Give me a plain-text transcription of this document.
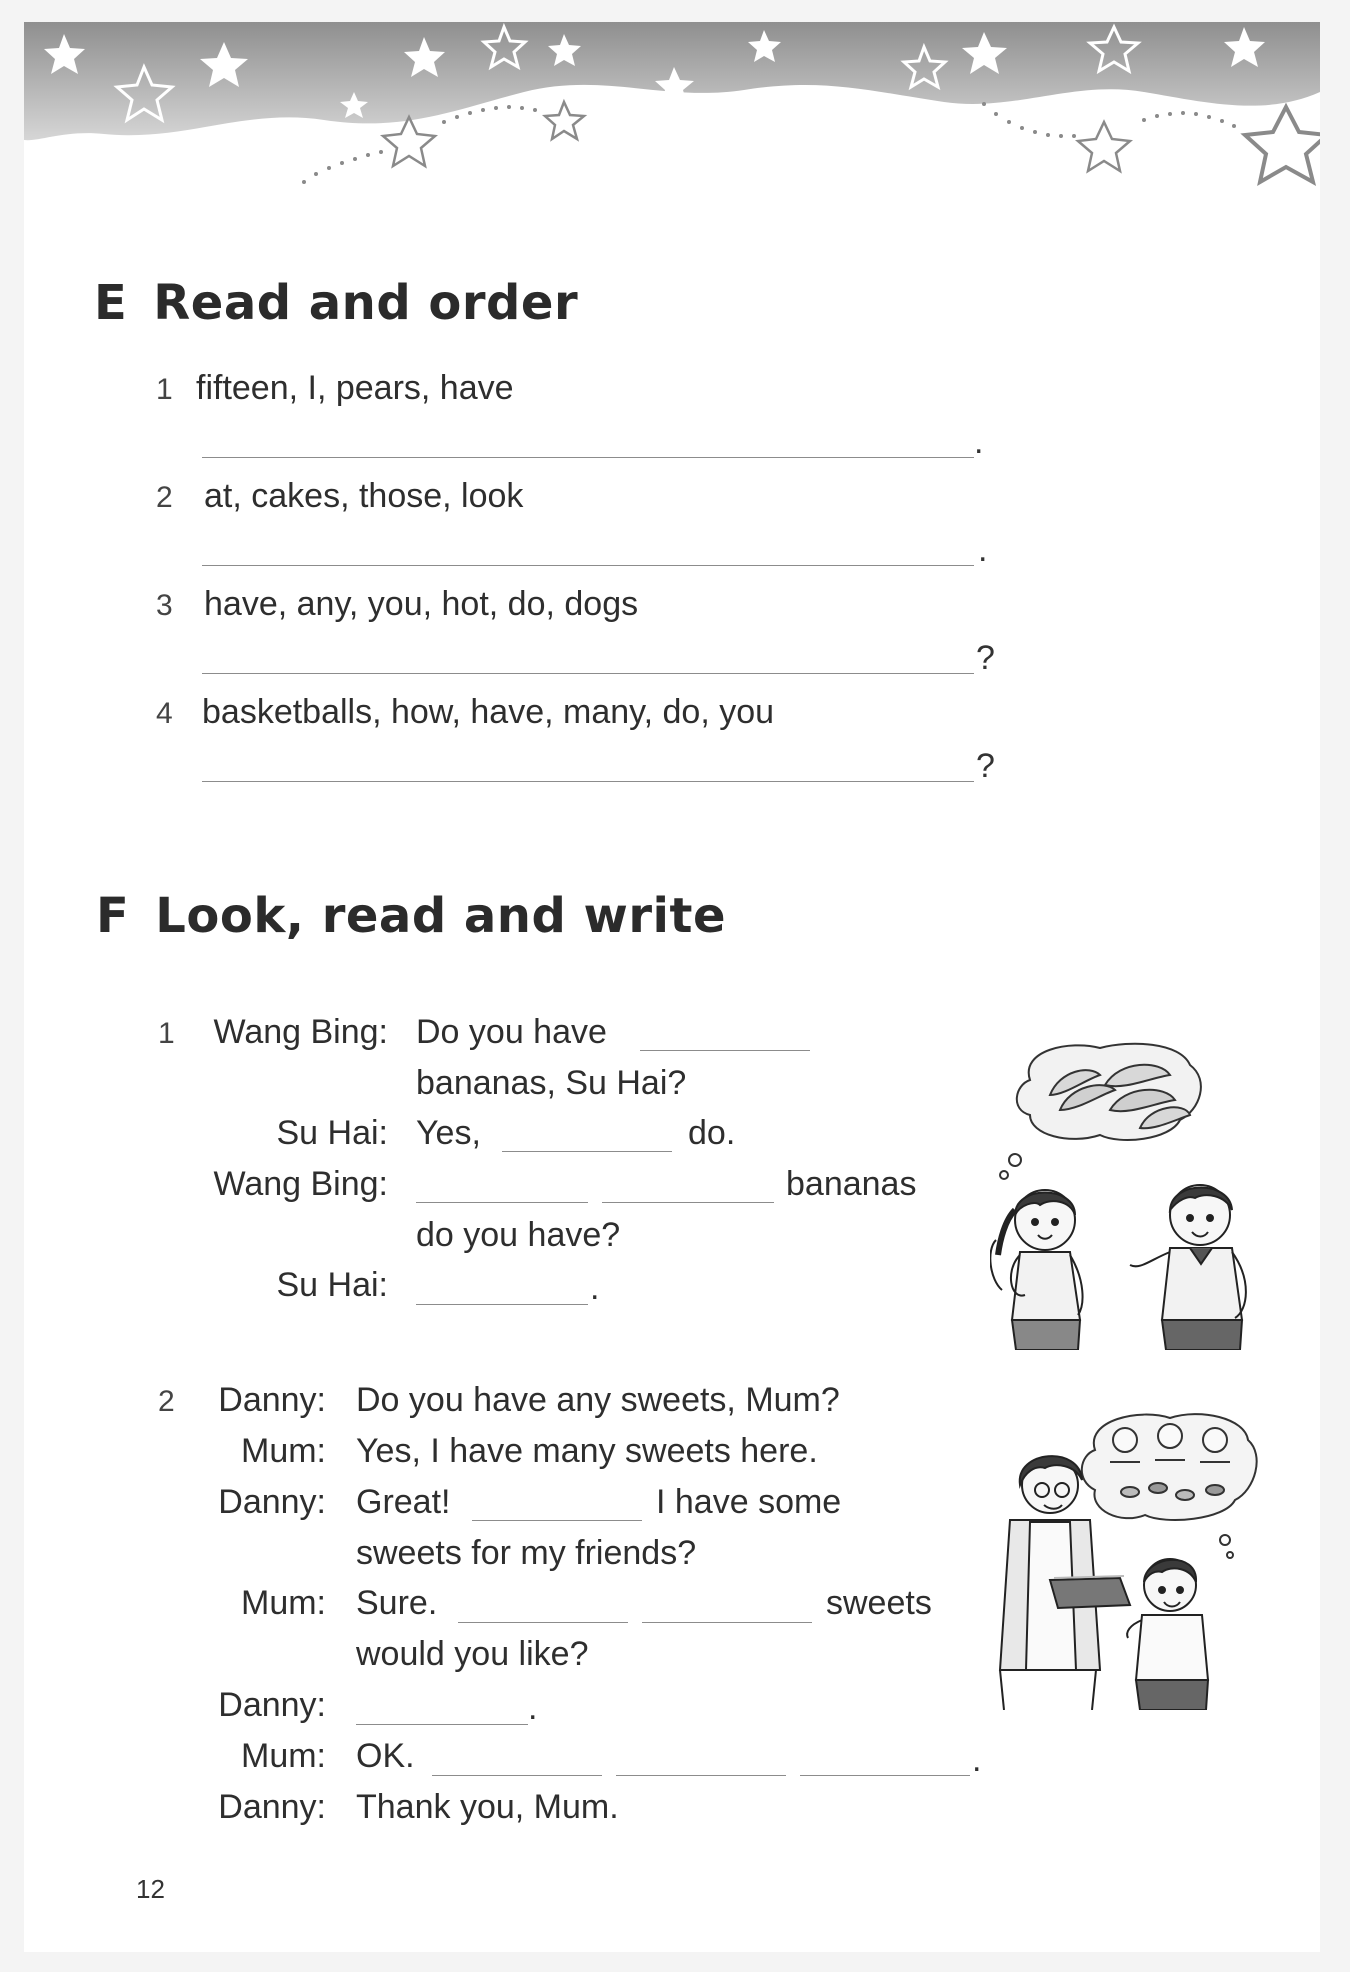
E Read and order
1 fifteen, I, pears, have
.
2 at, cakes, those, look
.
3 have, any, you, hot, do, dogs
?
4 basketballs, how, have, many, do, you
?
F Look, read and write
1	Wang Bing: Do you have
bananas, Su Hai?
Su Hai: Yes,	do.
Wang Bing:	bananas
do you have?
Su Hai:	.
2	Danny: Do you have any sweets, Mum?
Mum: Yes, I have many sweets here.
Danny: Great!	I have some
sweets for my friends?
Mum: Sure.	sweets
would you like?
Danny:	.
Mum: OK.	.
Danny: Thank you, Mum.
12
